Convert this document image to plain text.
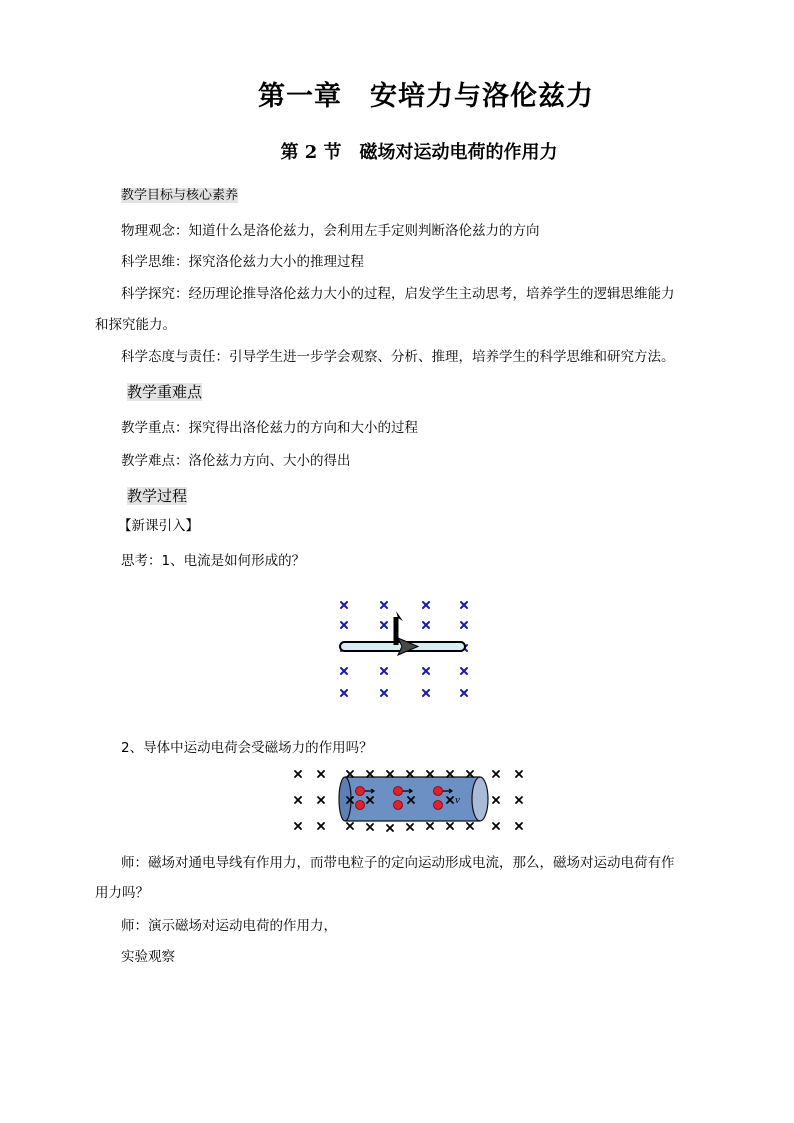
第一章　安培力与洛伦兹力
第 2 节　磁场对运动电荷的作用力
教学目标与核心素养
物理观念：知道什么是洛伦兹力，会利用左手定则判断洛伦兹力的方向
科学思维：探究洛伦兹力大小的推理过程
科学探究：经历理论推导洛伦兹力大小的过程，启发学生主动思考，培养学生的逻辑思维能力
和探究能力。
科学态度与责任：引导学生进一步学会观察、分析、推理，培养学生的科学思维和研究方法。
教学重难点
教学重点：探究得出洛伦兹力的方向和大小的过程
教学难点：洛伦兹力方向、大小的得出
教学过程
【新课引入】
思考：1、电流是如何形成的？
2、导体中运动电荷会受磁场力的作用吗？
v
师：磁场对通电导线有作用力，而带电粒子的定向运动形成电流，那么，磁场对运动电荷有作
用力吗？
师：演示磁场对运动电荷的作用力，
实验观察
